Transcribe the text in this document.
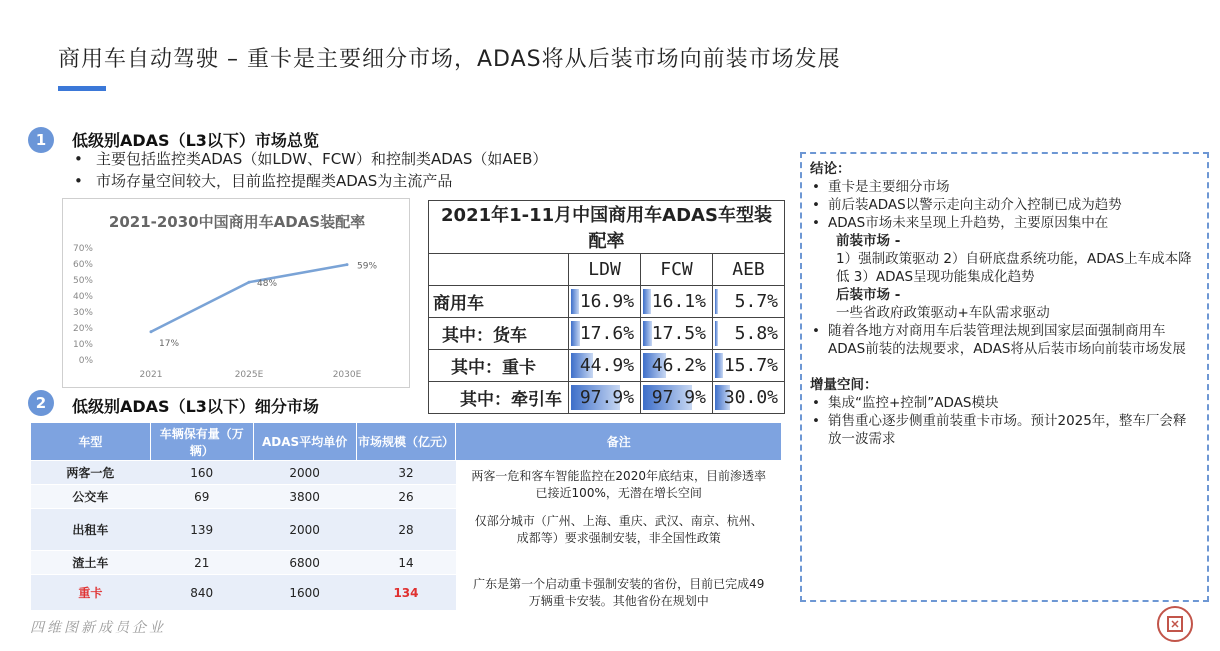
商用车自动驾驶 – 重卡是主要细分市场，ADAS将从后装市场向前装市场发展
1	低级别ADAS（L3以下）市场总览
• 主要包括监控类ADAS（如LDW、FCW）和控制类ADAS（如AEB）
• 市场存量空间较大，目前监控提醒类ADAS为主流产品
2021-2030中国商用车ADAS装配率
70%
60%
50%
40%
30%
20%
10%
0%
2021	2025E	2030E
17%
48%
59%
2021年1-11月中国商用车ADAS车型装配率			
	LDW	FCW	AEB
商用车	16.9%	16.1%	5.7%
其中：货车	17.6%	17.5%	5.8%
其中：重卡	44.9%	46.2%	15.7%
其中：牵引车	97.9%	97.9%	30.0%
2	低级别ADAS（L3以下）细分市场
车型	车辆保有量（万辆）	ADAS平均单价	市场规模（亿元）	备注
两客一危	160	2000	32	两客一危和客车智能监控在2020年底结束，目前渗透率已接近100%，无潜在增长空间
公交车	69	3800	26	
出租车	139	2000	28	仅部分城市（广州、上海、重庆、武汉、南京、杭州、成都等）要求强制安装，非全国性政策
渣土车	21	6800	14	
重卡	840	1600	134	广东是第一个启动重卡强制安装的省份，目前已完成49万辆重卡安装。其他省份在规划中
结论：
• 重卡是主要细分市场
• 前后装ADAS以警示走向主动介入控制已成为趋势
• ADAS市场未来呈现上升趋势，主要原因集中在
前装市场 -
1）强制政策驱动 2）自研底盘系统功能，ADAS上车成本降低 3）ADAS呈现功能集成化趋势
后装市场 -
一些省政府政策驱动+车队需求驱动
• 随着各地方对商用车后装管理法规到国家层面强制商用车ADAS前装的法规要求，ADAS将从后装市场向前装市场发展
增量空间：
• 集成“监控+控制”ADAS模块
• 销售重心逐步侧重前装重卡市场。预计2025年，整车厂会释放一波需求
四维图新成员企业
